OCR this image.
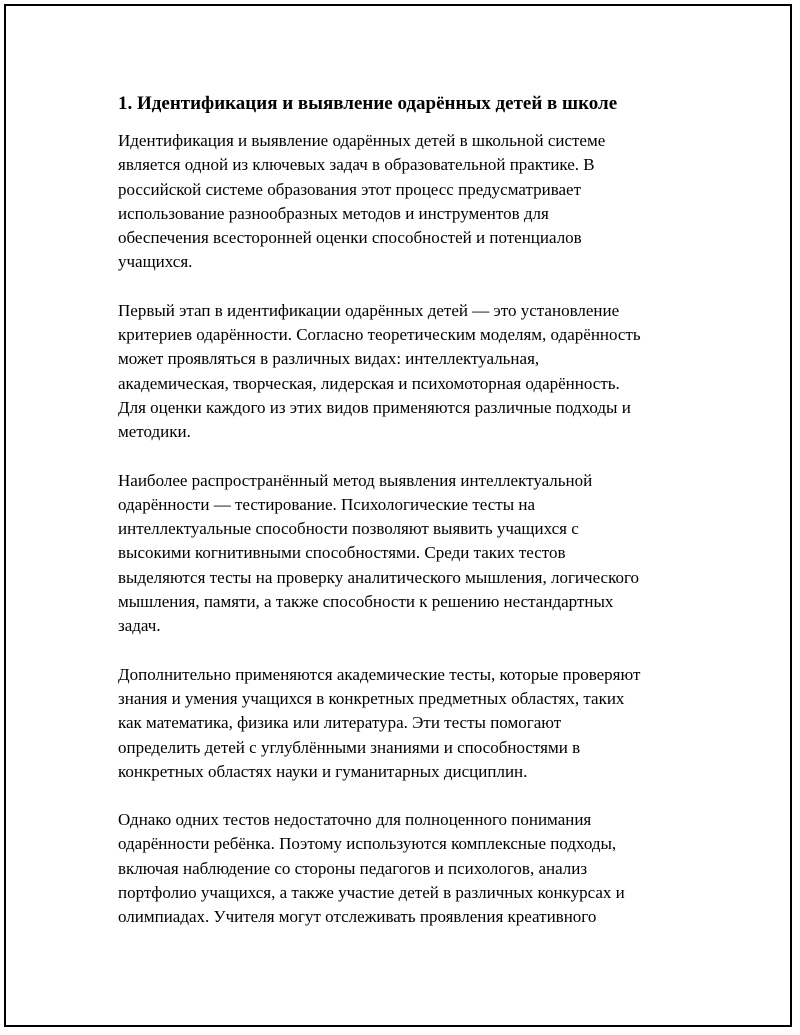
1. Идентификация и выявление одарённых детей в школе

Идентификация и выявление одарённых детей в школьной системе
является одной из ключевых задач в образовательной практике. В
российской системе образования этот процесс предусматривает
использование разнообразных методов и инструментов для
обеспечения всесторонней оценки способностей и потенциалов
учащихся.

Первый этап в идентификации одарённых детей — это установление
критериев одарённости. Согласно теоретическим моделям, одарённость
может проявляться в различных видах: интеллектуальная,
академическая, творческая, лидерская и психомоторная одарённость.
Для оценки каждого из этих видов применяются различные подходы и
методики.

Наиболее распространённый метод выявления интеллектуальной
одарённости — тестирование. Психологические тесты на
интеллектуальные способности позволяют выявить учащихся с
высокими когнитивными способностями. Среди таких тестов
выделяются тесты на проверку аналитического мышления, логического
мышления, памяти, а также способности к решению нестандартных
задач.

Дополнительно применяются академические тесты, которые проверяют
знания и умения учащихся в конкретных предметных областях, таких
как математика, физика или литература. Эти тесты помогают
определить детей с углублёнными знаниями и способностями в
конкретных областях науки и гуманитарных дисциплин.

Однако одних тестов недостаточно для полноценного понимания
одарённости ребёнка. Поэтому используются комплексные подходы,
включая наблюдение со стороны педагогов и психологов, анализ
портфолио учащихся, а также участие детей в различных конкурсах и
олимпиадах. Учителя могут отслеживать проявления креативного
